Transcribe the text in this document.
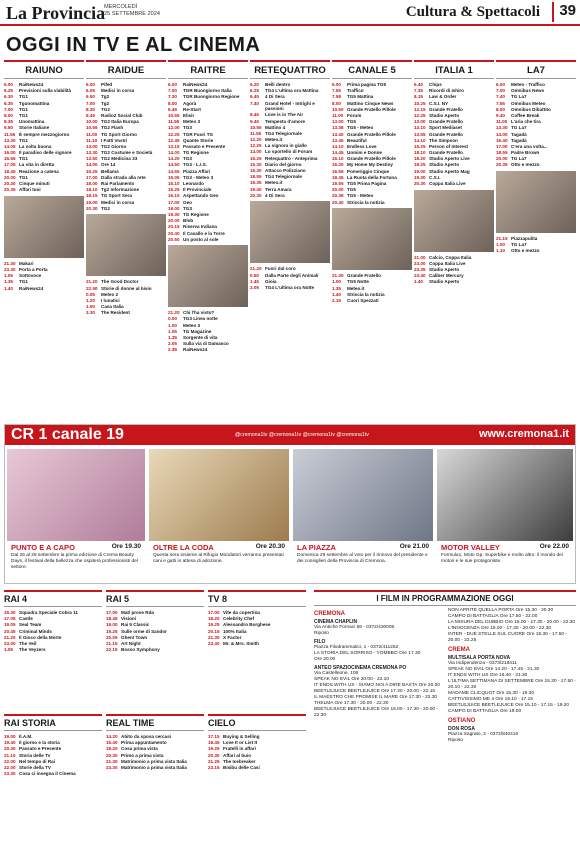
La Provincia
MERCOLEDÌ
25 SETTEMBRE 2024	Cultura & Spettacoli	39
OGGI IN TV E AL CINEMA
RAIUNO
6.00	RaiNews24
6.25	Previsioni sulla viabilità
6.30	TG1
6.35	Tgunomattina
7.00	TG1
8.00	TG1
8.35	Unomattina
9.50	Storie Italiane
11.55 È sempre mezzogiorno
13.30 TG1
14.05 La volta buona
16.00 Il paradiso delle signore
16.55 TG1
17.05 La vita in diretta
18.45 Reazione a catena
20.00 TG1
20.30 Cinque minuti
20.35 Affari tuoi
21.30 Makari
23.30 Porta a Porta
1.05	Sottovoce
1.35	TG1
1.40	RaiNews24
RAIDUE
6.00	Pifed
6.05	Medici in corsa
6.50	Tg2
7.00	Tg2
8.30	TG2
8.45	Radio2 Social Club
10.00 TG2 Italia Europa
10.55 TG2 Flash
11.00 TG Sport Giorno
11.10 I Fatti Vostri
13.00 TG2 Giorno
13.30 TG2 Costume e Società
13.50 TG2 Medicina 33
14.00 Ore 14
15.25 Bellamà
17.00 Dalla strada alla rete
18.00 Rai Parlamento
18.10 Tg2 Informazione
18.15 TG Sport Sera
19.00 Medici in corsa
20.30 TG2
21.20 The Good Doctor
22.50 Storie di donne al bivio
0.05	Meteo 2
1.20	I lunatici
1.50	Casa Italia
3.30	The Resident
RAITRE
6.00	RaiNews24
7.00	TGR Buongiorno Italia
7.30	TGR Buongiorno Regione
8.00	Agorà
9.45	Re-Start
10.55 Elisir
11.55 Meteo 3
12.00 TG3
12.25 TGR Fuori TG
12.45 Quante Storie
13.15 Passato e Presente
14.00 TG Regione
14.20 TG3
14.50 TG3 - L.I.S.
14.55 Piazza Affari
15.05 TG3 - Meteo 3
15.10 Leonardo
15.25 Il Provinciale
16.15 Aspettando Geo
17.00 Geo
19.00 TG3
19.30 TG Regione
20.00 Blob
20.15 Riserva Indiana
20.40 Il Cavallo e la Torre
20.50 Un posto al sole
21.20 Chi l'ha visto?
0.00	TG3 Linea notte
1.00	Meteo 3
1.05	TG Magazine
1.35	Sorgente di vita
2.05	Sulla via di Damasco
2.35	RaiNews24
RETEQUATTRO
6.20	Belli dentro
6.25	TG4 L'ultima ora Mattina
6.45	4 Di Sera
7.40	Grand Hotel - Intrighi e passioni
8.45	Love is in The Air
9.45	Tempesta d'amore
10.55 Mattino 4
11.55 TG4 Telegiornale
12.20 Meteo.it
12.25 La signora in giallo
14.00 Lo sportello di Forum
15.25 Retequattro - Anteprima
15.30 Diario del giorno
16.30 Attacco Polizziano
18.55 TG4 Telegiornale
19.35 Meteo.it
19.40 Terra Amara
20.30 4 Di Sera
21.20 Fuori dal coro
0.50	Dalla Parte degli Animali
1.45	Gioia
2.05	TG4 L'ultima ora Notte
CANALE 5
6.00	Prima pagina TG5
7.55	Traffico
7.58	TG5 Mattina
8.00	Mattino Cinque News
10.50 Grande Fratello Pillole
11.00 Forum
13.00 TG5
13.38 TG5 - Meteo
13.40 Grande Fratello Pillole
13.45 Beautiful
14.10 Endless Love
14.45 Uomini e Donne
16.10 Grande Fratello Pillole
16.20 My Home My Destiny
16.55 Pomeriggio Cinque
18.45 La Ruota della Fortuna
19.55 TG5 Prima Pagina
20.00 TG5
20.38 TG5 - Meteo
20.40 Striscia la notizia
21.30 Grande Fratello
1.00	TG5 Notte
1.35	Meteo.it
1.40	Striscia la notizia
2.15	Cuori Spezzati
ITALIA 1
6.40	Chips
7.35	Ricordi di Ishiro
8.15	Law & Order
10.25 C.S.I. NY
12.15 Grande Fratello
12.25 Studio Aperto
13.00 Grande Fratello
13.10 Sport Mediaset
13.55 Grande Fratello
14.10 The Simpson
15.25 Person of Interest
18.10 Grande Fratello
18.20 Studio Aperto Live
18.25 Studio Aperto
19.00 Studio Aperto Mag
19.30 C.S.I.
20.30 Coppa Italia Live
21.00 Calcio, Coppa Italia
23.00 Coppa Italia Live
23.35 Studio Aperto
23.40 Caliber Mercury
1.40	Studio Aperto
LA7
6.00	Meteo - Traffico
7.00	Omnibus News
7.40	TG La7
7.55	Omnibus Meteo
8.00	Omnibus Dibattito
9.40	Coffee Break
11.00 L'aria che tira
13.30 TG La7
14.00 Tagadà
16.40 Tagadà
17.00 C'era una volta...
18.55 Padre Brown
20.00 TG La7
20.35 Otto e mezzo
21.15 Piazzapulita
1.00	TG La7
1.10	Otto e mezzo
CR 1 canale 19	@cremona1tv @cremona1tv @cremona1tv @cremona1tv	www.cremona1.it
PUNTO E A CAPO	Ore 19.30
Dal 26 al 29 settembre la prima edizione di Crema Beauty Days, il festival della bellezza che ospiterà professionisti del settore.
OLTRE LA CODA	Ore 20.30
Questa sera insieme al Rifugio Mondatori verranno presentati cani e gatti in attesa di adozione.
LA PIAZZA	Ore 21.00
Domenica 29 settembre al voto per il rinnovo del presidente e dei consiglieri della Provincia di Cremona.
MOTOR VALLEY	Ore 22.00
Formula1, Moto Gp, Superbike e molto altro: il mondo dei motori e le sue protagoniste.
I FILM IN PROGRAMMAZIONE OGGI
CREMONA
CINEMA CHAPLIN
Via Antiche Fornaci 58 - 0372/430005
Riposo
FILO
Piazza Filodrammatici, 1 - 0372/411252
LA STORIA DEL SORRISO - YOMBBO Ore 17.30
Ore 20.00
ANTEO SPAZIOCINEMA CREMONA PO
Via Castelleone, 108
SPEAK NO EVIL Ore 20.00 - 22.10
IT ENDS WITH US - SIAMO NOI A DIRE BASTA Ore 20.00
BEETLEJUICE BEETLEJUICE Ore 17.30 - 20.00 - 22.15
IL MAESTRO CHE PROMISE IL MARE Ore 17.30 - 22.30
THELMA Ore 17.30 - 20.00 - 22.30
BEETLEJUICE BEETLEJUICE Ore 15.00 - 17.30 - 20.00 - 22.30
NON APRITE QUELLA PORTA Ore 15.30 - 20.30
CAMPO DI BATTAGLIA Ore 17.50 - 22.00
LA MISURA DEL DUBBIO Ore 15.00 - 17.30 - 20.00 - 22.30
L'INNOCENZA Ore 15.00 - 17.30 - 20.00 - 22.30
INTER - DUE STELLE SUL CUORE Ore 15.30 - 17.50 - 20.00 - 22.25
CREMA
MULTISALA PORTA NOVA
Via Indipendenza - 0373/218411
SPEAK NO EVIL Ore 14.20 - 17.45 - 21.30
IT ENDS WITH US Ore 16.40 - 21.30
L'ULTIMA SETTIMANA DI SETTEMBRE Ore 15.30 - 17.50 - 20.10 - 22.30
MADAME CLICQUOT Ore 15.30 - 19.30
CATTIVISSIMO ME 4 Ore 15.10 - 17.15
BEETLEJUICE BEETLEJUICE Ore 15.10 - 17.15 - 19.20
CAMPO DI BATTAGLIA Ore 19.00
OSTIANO
DON ROSA
Piazza Sagrato, 2 - 0372/840416
Riposo
RAI 4
15.30 Squadra Speciale Cobra 11
17.05 Castle
19.05 Seal Team
20.45 Criminal Minds
21.20 Il Gioco della Morte
23.00 The Veil
1.05	The Veyzers
RAI STORIA
19.00 Il.A.M.
19.40 Il giorno e la storia
20.30 Passato e Presente
21.10 Storia delle Tv
22.00 Nel tempo di Rai
22.00 Storie della TV
23.30 Cosa ci insegna il Cinema
RAI 5
17.00 Mati prove Rda
18.45 Visioni
19.00 Rai 5 Classic
19.25 Sulle orme di Sandor
20.05 Ghent Town
21.15 Art Night
22.15 Bosso Symphony
REAL TIME
14.20 Abito da sposa cercasi
15.40 Prima appuntamento
18.20 Cosa prima vista
20.30 Primo a prima vista
21.30 Matrimonio a prima vista Italia
23.30 Matrimonio a prima vista Italia
TV 8
17.00 Vite da copertina
18.20 Celebrity Chef
19.25 Alessandro Borghese
20.15 100% Italia
21.30 X Factor
23.40 Mr. & Mrs. Smith
CIELO
17.15 Buying & Selling
18.45 Love It or List It
19.25 Fratelli in affari
20.30 Affari al buio
21.25 The Icebreaker
23.15 Bisibu delle Casi
